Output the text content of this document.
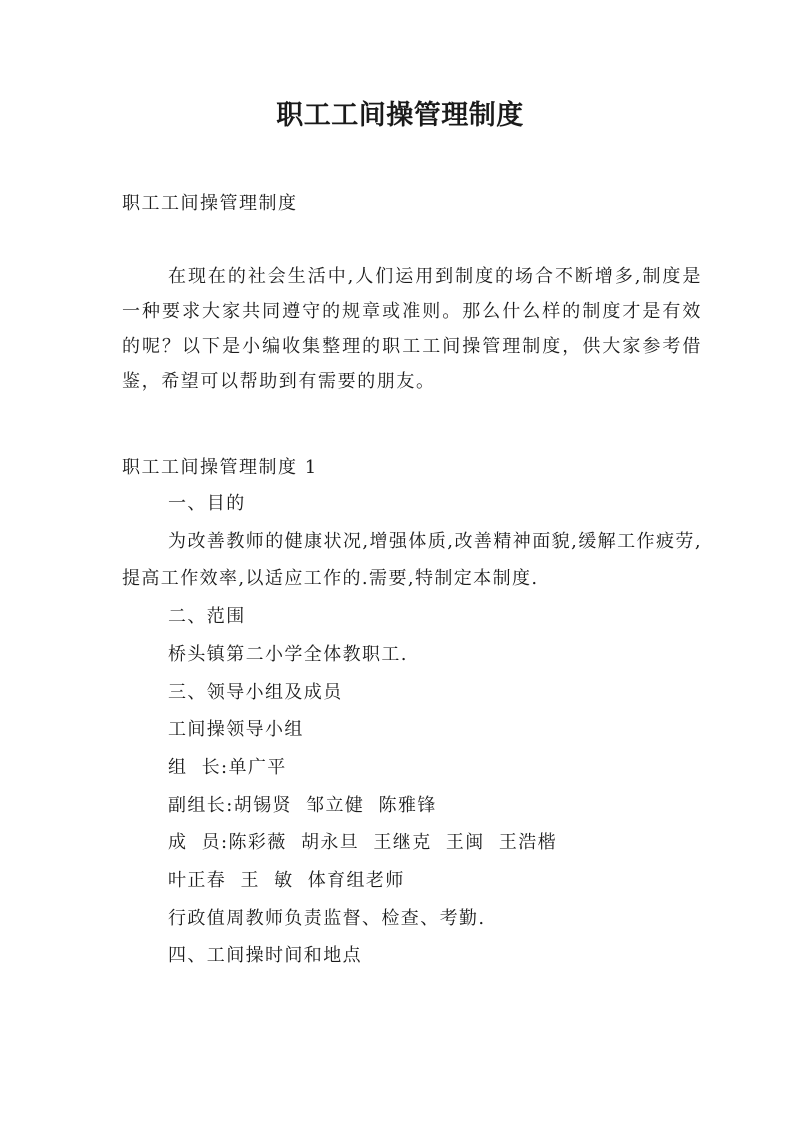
职工工间操管理制度
职工工间操管理制度

在现在的社会生活中,人们运用到制度的场合不断增多,制度是一种要求大家共同遵守的规章或准则。那么什么样的制度才是有效的呢？以下是小编收集整理的职工工间操管理制度，供大家参考借鉴，希望可以帮助到有需要的朋友。

职工工间操管理制度 1
一、目的

为改善教师的健康状况,增强体质,改善精神面貌,缓解工作疲劳,提高工作效率,以适应工作的.需要,特制定本制度.

二、范围
桥头镇第二小学全体教职工.
三、领导小组及成员
工间操领导小组
组  长:单广平
副组长:胡锡贤  邹立健  陈雅锋
成  员:陈彩薇  胡永旦  王继克  王闽  王浩楷
叶正春  王  敏  体育组老师
行政值周教师负责监督、检查、考勤.
四、工间操时间和地点
